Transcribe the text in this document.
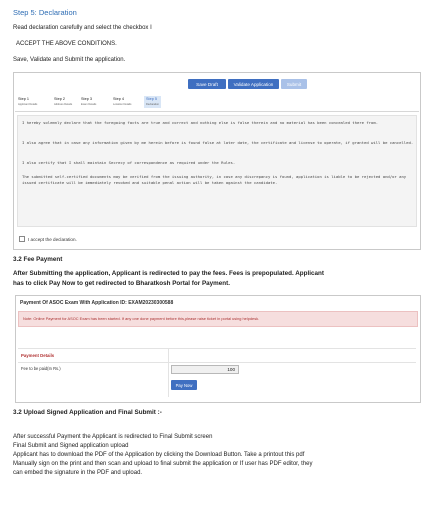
Step 5: Declaration
Read declaration carefully and select the checkbox I
ACCEPT THE ABOVE CONDITIONS.
Save, Validate and Submit the application.
Save Draft	Validate Application	Submit
Step 1
Applicant Details
Step 2
Address Details
Step 3
Exam Details
Step 4
Location Details
Step 5
Declaration
I hereby solemnly declare that the foregoing facts are true and correct and nothing else is false therein and no material has been concealed there from.
I also agree that in case any information given by me herein before is found false at later date, the certificate and license to operate, if granted will be cancelled.
I also certify that I shall maintain Secrecy of correspondence as required under the Rules.
The submitted self-certified documents may be verified from the issuing authority, in case any discrepancy is found, application is liable to be rejected and/or any issued certificate will be immediately revoked and suitable penal action will be taken against the candidate.
I accept the declaration.
3.2 Fee Payment
After Submitting the application, Applicant is redirected to pay the fees. Fees is prepopulated. Applicant
has to click Pay Now to get redirected to Bharatkosh Portal for Payment.
Payment Of ASOC Exam With Application ID: EXAM20230300588
Note: Online Payment for ASOC Exam has been started. If any one done payment before this,please raise ticket in portal using helpdesk.
Payment Details
Fee to be paid(In Rs.)	100
Pay Now
3.2 Upload Signed Application and Final Submit :-
After successful Payment the Applicant is redirected to Final Submit screen
Final Submit and Signed application upload
Applicant has to download the PDF of the Application by clicking the Download Button. Take a printout this pdf
Manually sign on the print and then scan and upload to final submit the application or If user has PDF editor, they
can embed the signature in the PDF and upload.
